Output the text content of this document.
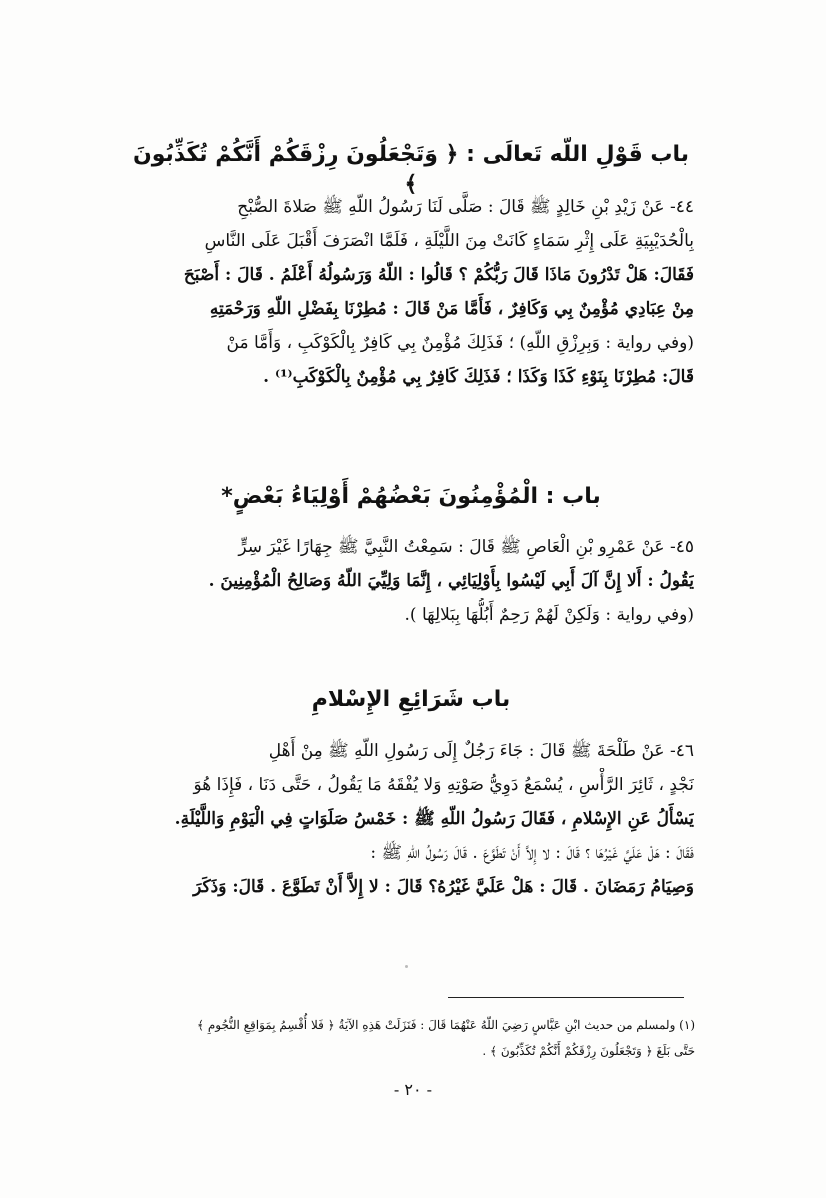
باب قَوْلِ اللّه تَعالَى : ﴿ وَتَجْعَلُونَ رِزْقَكُمْ أَنَّكُمْ تُكَذِّبُونَ ﴾
٤٤- عَنْ زَيْدِ بْنِ خَالِدٍ ﷺ قَالَ : صَلَّى لَنَا رَسُولُ اللّهِ ﷺ صَلاةَ الصُّبْحِ
بِالْحُدَيْبِيَةِ عَلَى إِثْرِ سَمَاءٍ كَانَتْ مِنَ اللَّيْلَةِ ، فَلَمَّا انْصَرَفَ أَقْبَلَ عَلَى النَّاسِ
فَقَالَ: هَلْ تَدْرُونَ مَاذَا قَالَ رَبُّكُمْ ؟ قَالُوا : اللّهُ وَرَسُولُهُ أَعْلَمُ . قَالَ : أَصْبَحَ
مِنْ عِبَادِي مُؤْمِنٌ بِي وَكَافِرٌ ، فَأَمَّا مَنْ قَالَ : مُطِرْنَا بِفَضْلِ اللّهِ وَرَحْمَتِهِ
(وفي رواية : وَبِرِزْقِ اللّهِ) ؛ فَذَلِكَ مُؤْمِنٌ بِي كَافِرٌ بِالْكَوْكَبِ ، وَأَمَّا مَنْ
قَالَ: مُطِرْنَا بِنَوْءِ كَذَا وَكَذَا ؛ فَذَلِكَ كَافِرٌ بِي مُؤْمِنٌ بِالْكَوْكَبِ⁽¹⁾ .
باب : الْمُؤْمِنُونَ بَعْضُهُمْ أَوْلِيَاءُ بَعْضٍ*
٤٥- عَنْ عَمْرِو بْنِ الْعَاصِ ﷺ قَالَ : سَمِعْتُ النَّبِيَّ ﷺ جِهَارًا غَيْرَ سِرٍّ
يَقُولُ : أَلا إِنَّ آلَ أَبِي لَيْسُوا بِأَوْلِيَائِي ، إِنَّمَا وَلِيِّيَ اللّهُ وَصَالِحُ الْمُؤْمِنِينَ .
(وفي رواية : وَلَكِنْ لَهُمْ رَحِمٌ أَبُلُّهَا بِبَلالِهَا ).
باب شَرَائِعِ الإِسْلامِ
٤٦- عَنْ طَلْحَةَ ﷺ قَالَ : جَاءَ رَجُلٌ إِلَى رَسُولِ اللّهِ ﷺ مِنْ أَهْلِ
نَجْدٍ ، ثَائِرَ الرَّأْسِ ، يُسْمَعُ دَوِيُّ صَوْتِهِ وَلا يُفْقَهُ مَا يَقُولُ ، حَتَّى دَنَا ، فَإِذَا هُوَ
يَسْأَلُ عَنِ الإِسْلامِ ، فَقَالَ رَسُولُ اللّهِ ﷺ : خَمْسُ صَلَوَاتٍ فِي الْيَوْمِ وَاللَّيْلَةِ.
فَقَالَ : هَلْ عَلَيَّ غَيْرُهَا ؟ قَالَ : لا إِلاَّ أَنْ تَطَوَّعَ . قَالَ رَسُولُ اللّهِ ﷺ :
وَصِيَامُ رَمَضَانَ . قَالَ : هَلْ عَلَيَّ غَيْرُهُ؟ قَالَ : لا إِلاَّ أَنْ تَطَوَّعَ . قَالَ: وَذَكَرَ
(١) ولمسلم من حديث ابْنِ عَبَّاسٍ رَضِيَ اللّهُ عَنْهُمَا قَالَ : فَنَزَلَتْ هَذِهِ الآيَةُ ﴿ فَلا أُقْسِمُ بِمَوَاقِعِ النُّجُومِ ﴾
حَتَّى بَلَغَ ﴿ وَتَجْعَلُونَ رِزْقَكُمْ أَنَّكُمْ تُكَذِّبُونَ ﴾ .
- ٢٠ -
